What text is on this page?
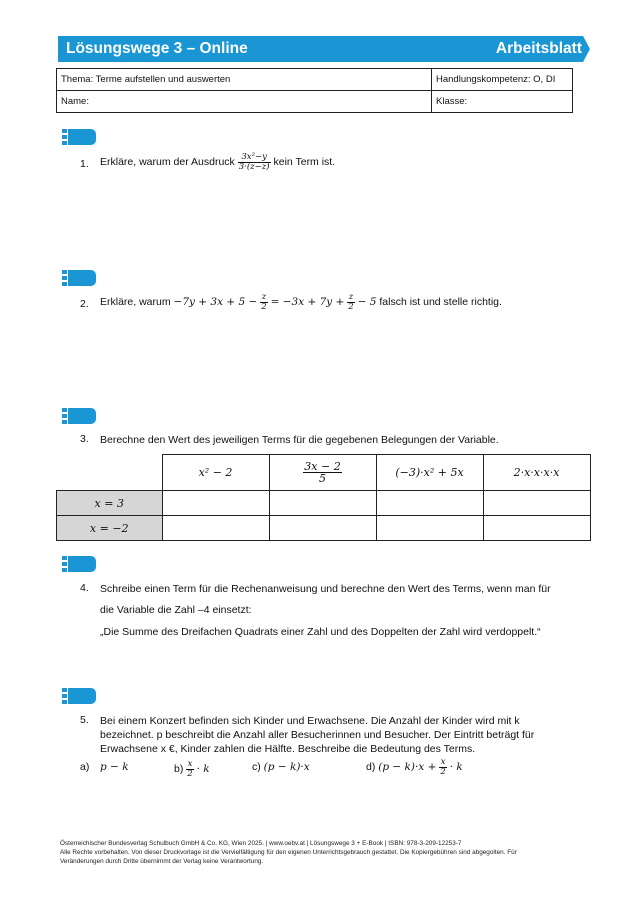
Lösungswege 3 – Online	Arbeitsblatt
Thema: Terme aufstellen und auswerten	Handlungskompetenz: O, DI
Name:	Klasse:
1. Erkläre, warum der Ausdruck $\frac{\text{3x²−y}}{3\cdot(z-z)}$ kein Term ist.
2. Erkläre, warum $-7y + 3x + 5 - \frac{z}{2} = -3x + 7y + \frac{z}{2} - 5$ falsch ist und stelle richtig.
3. Berechne den Wert des jeweiligen Terms für die gegebenen Belegungen der Variable.
	x² − 2	$\frac{3x - 2}{5}$	(−3)·x² + 5x	2·x·x·x·x
x = 3				
x = −2				
4. Schreibe einen Term für die Rechenanweisung und berechne den Wert des Terms, wenn man für
die Variable die Zahl –4 einsetzt:
„Die Summe des Dreifachen Quadrats einer Zahl und des Doppelten der Zahl wird verdoppelt.“
5. Bei einem Konzert befinden sich Kinder und Erwachsene. Die Anzahl der Kinder wird mit k
bezeichnet. p beschreibt die Anzahl aller Besucherinnen und Besucher. Der Eintritt beträgt für
Erwachsene x €, Kinder zahlen die Hälfte. Beschreibe die Bedeutung des Terms.
a) p − k	$b) \frac{x}{2} \cdot k$	c) (p − k)·x	d) $(p - k)\cdot x + \frac{x}{2} \cdot k$
Österreichischer Bundesverlag Schulbuch GmbH & Co. KG, Wien 2025. | www.oebv.at | Lösungswege 3 + E-Book | ISBN: 978-3-209-12253-7
Alle Rechte vorbehalten. Von dieser Druckvorlage ist die Vervielfältigung für den eigenen Unterrichtsgebrauch gestattet. Die Kopiergebühren sind abgegolten. Für
Veränderungen durch Dritte übernimmt der Verlag keine Verantwortung.
